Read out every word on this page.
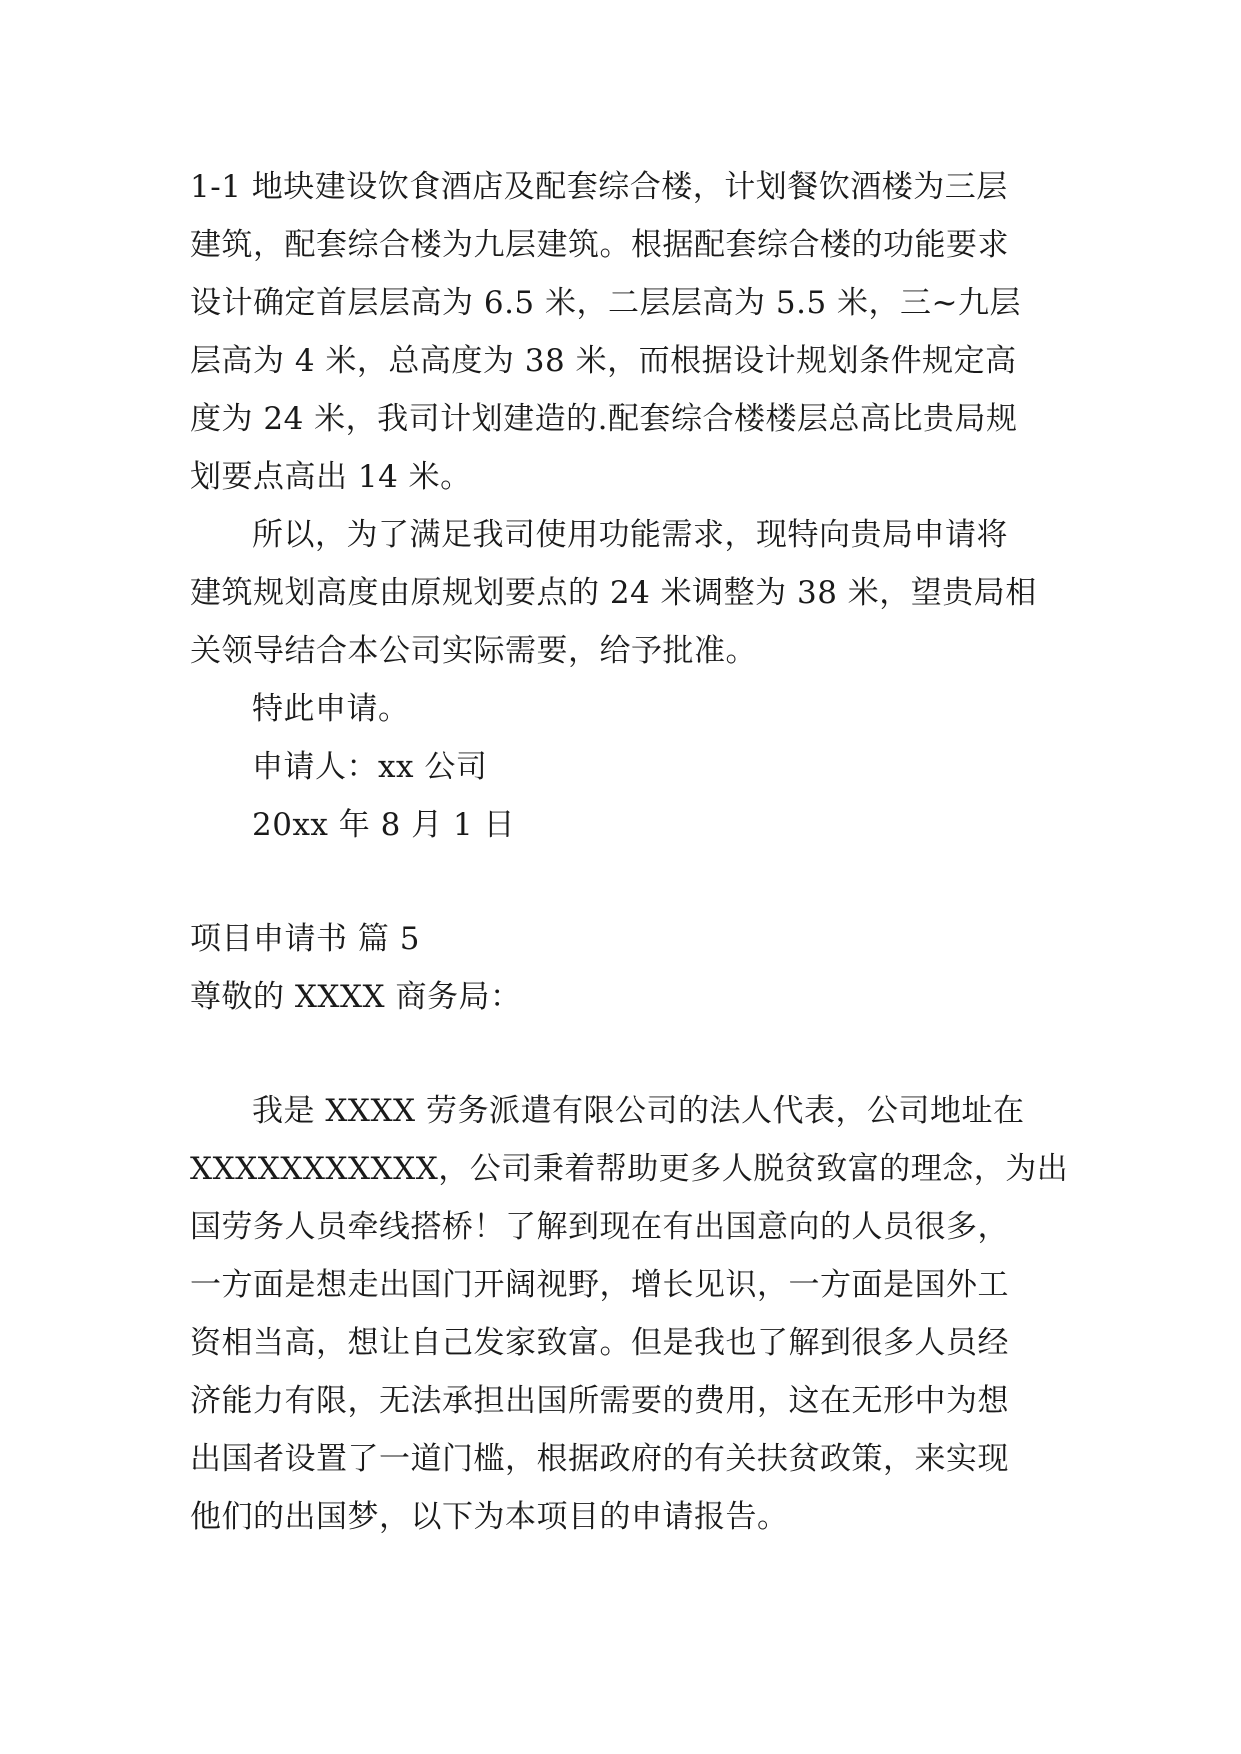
1-1 地块建设饮食酒店及配套综合楼，计划餐饮酒楼为三层
建筑，配套综合楼为九层建筑。根据配套综合楼的功能要求
设计确定首层层高为 6.5 米，二层层高为 5.5 米，三~九层
层高为 4 米，总高度为 38 米，而根据设计规划条件规定高
度为 24 米，我司计划建造的.配套综合楼楼层总高比贵局规
划要点高出 14 米。
所以，为了满足我司使用功能需求，现特向贵局申请将
建筑规划高度由原规划要点的 24 米调整为 38 米，望贵局相
关领导结合本公司实际需要，给予批准。
特此申请。
申请人：xx 公司
20xx 年 8 月 1 日
项目申请书 篇 5
尊敬的 XXXX 商务局：
我是 XXXX 劳务派遣有限公司的法人代表，公司地址在
XXXXXXXXXXX，公司秉着帮助更多人脱贫致富的理念，为出
国劳务人员牵线搭桥！了解到现在有出国意向的人员很多，
一方面是想走出国门开阔视野，增长见识，一方面是国外工
资相当高，想让自己发家致富。但是我也了解到很多人员经
济能力有限，无法承担出国所需要的费用，这在无形中为想
出国者设置了一道门槛，根据政府的有关扶贫政策，来实现
他们的出国梦，以下为本项目的申请报告。
